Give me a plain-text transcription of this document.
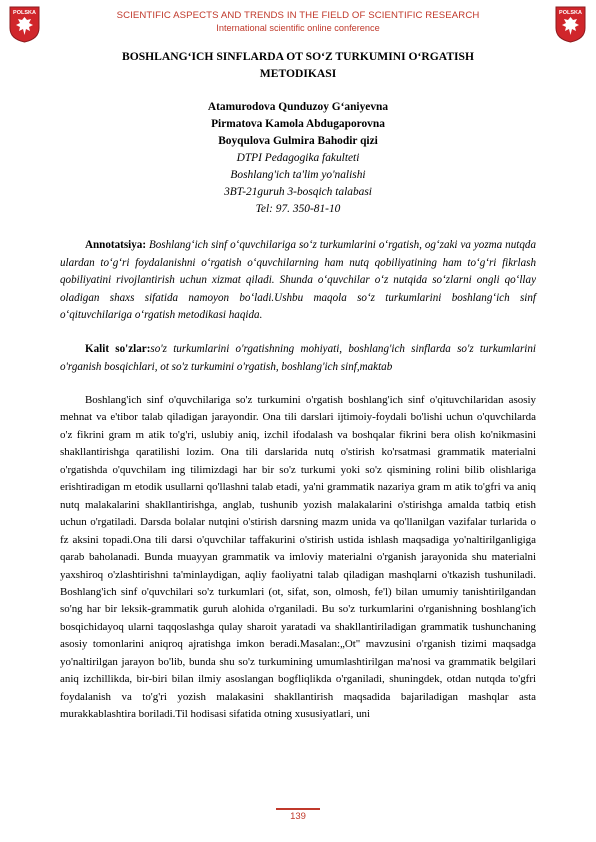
POLSKA	POLSKA
SCIENTIFIC ASPECTS AND TRENDS IN THE FIELD OF SCIENTIFIC RESEARCH
International scientific online conference
BOSHLANG‘ICH SINFLARDA OT SO‘Z TURKUMINI O‘RGATISH
METODIKASI
Atamurodova Qunduzoy G‘aniyevna
Pirmatova Kamola Abdugaporovna
Boyqulova Gulmira Bahodir qizi
DTPI Pedagogika fakulteti
Boshlang'ich ta'lim yo'nalishi
3BT-21guruh 3-bosqich talabasi
Tel: 97. 350-81-10

Annotatsiya: Boshlang‘ich sinf o‘quvchilariga so‘z turkumlarini o‘rgatish, og‘zaki va yozma nutqda ulardan to‘g‘ri foydalanishni o‘rgatish o‘quvchilarning ham nutq qobiliyatining ham to‘g‘ri fikrlash qobiliyatini rivojlantirish uchun xizmat qiladi. Shunda o‘quvchilar o‘z nutqida so‘zlarni ongli qo‘llay oladigan shaxs sifatida namoyon bo‘ladi.Ushbu maqola so‘z turkumlarini boshlang‘ich sinf o‘qituvchilariga o‘rgatish metodikasi haqida.

Kalit so'zlar:so'z turkumlarini o'rgatishning mohiyati, boshlang'ich sinflarda so'z turkumlarini o'rganish bosqichlari, ot so'z turkumini o'rgatish, boshlang'ich sinf,maktab

Boshlang'ich sinf o'quvchilariga so'z turkumini o'rgatish boshlang'ich sinf o'qituvchilaridan asosiy mehnat va e'tibor talab qiladigan jarayondir. Ona tili darslari ijtimoiy-foydali bo'lishi uchun o'quvchilarda o'z fikrini gram m atik to'g'ri, uslubiy aniq, izchil ifodalash va boshqalar fikrini bera olish ko'nikmasini shakllantirishga qaratilishi lozim. Ona tili darslarida nutq o'stirish ko'rsatmasi grammatik materialni o'rgatishda o'quvchilam ing tilimizdagi har bir so'z turkumi yoki so'z qismining rolini bilib olishlariga erishtiradigan m etodik usullarni qo'llashni talab etadi, ya'ni grammatik nazariya gram m atik to'gfri va aniq nutq malakalarini shakllantirishga, anglab, tushunib yozish malakalarini o'stirishga amalda tatbiq etish uchun o'rgatiladi. Darsda bolalar nutqini o'stirish darsning mazm unida va qo'llanilgan vazifalar turlarida o fz aksini topadi.Ona tili darsi o'quvchilar taffakurini o'stirish ustida ishlash maqsadiga yo'naltirilganligiga qarab baholanadi. Bunda muayyan grammatik va imloviy materialni o'rganish jarayonida shu materialni yaxshiroq o'zlashtirishni ta'minlaydigan, aqliy faoliyatni talab qiladigan mashqlarni o'tkazish tushuniladi. Boshlang'ich sinf o'quvchilari so'z turkumlari (ot, sifat, son, olmosh, fe'l) bilan umumiy tanishtirilgandan so'ng har bir leksik-grammatik guruh alohida o'rganiladi. Bu so'z turkumlarini o'rganishning boshlang'ich bosqichidayoq ularni taqqoslashga qulay sharoit yaratadi va shakllantiriladigan grammatik tushunchaning asosiy tomonlarini aniqroq ajratishga imkon beradi.Masalan:„Ot" mavzusini o'rganish tizimi maqsadga yo'naltirilgan jarayon bo'lib, bunda shu so'z turkumining umumlashtirilgan ma'nosi va grammatik belgilari aniq izchillikda, bir-biri bilan ilmiy asoslangan bogfliqlikda o'rganiladi, shuningdek, otdan nutqda to'gfri foydalanish va to'g'ri yozish malakasini shakllantirish maqsadida bajariladigan mashqlar asta murakkablashtira boriladi.Til hodisasi sifatida otning xususiyatlari, uni

139
